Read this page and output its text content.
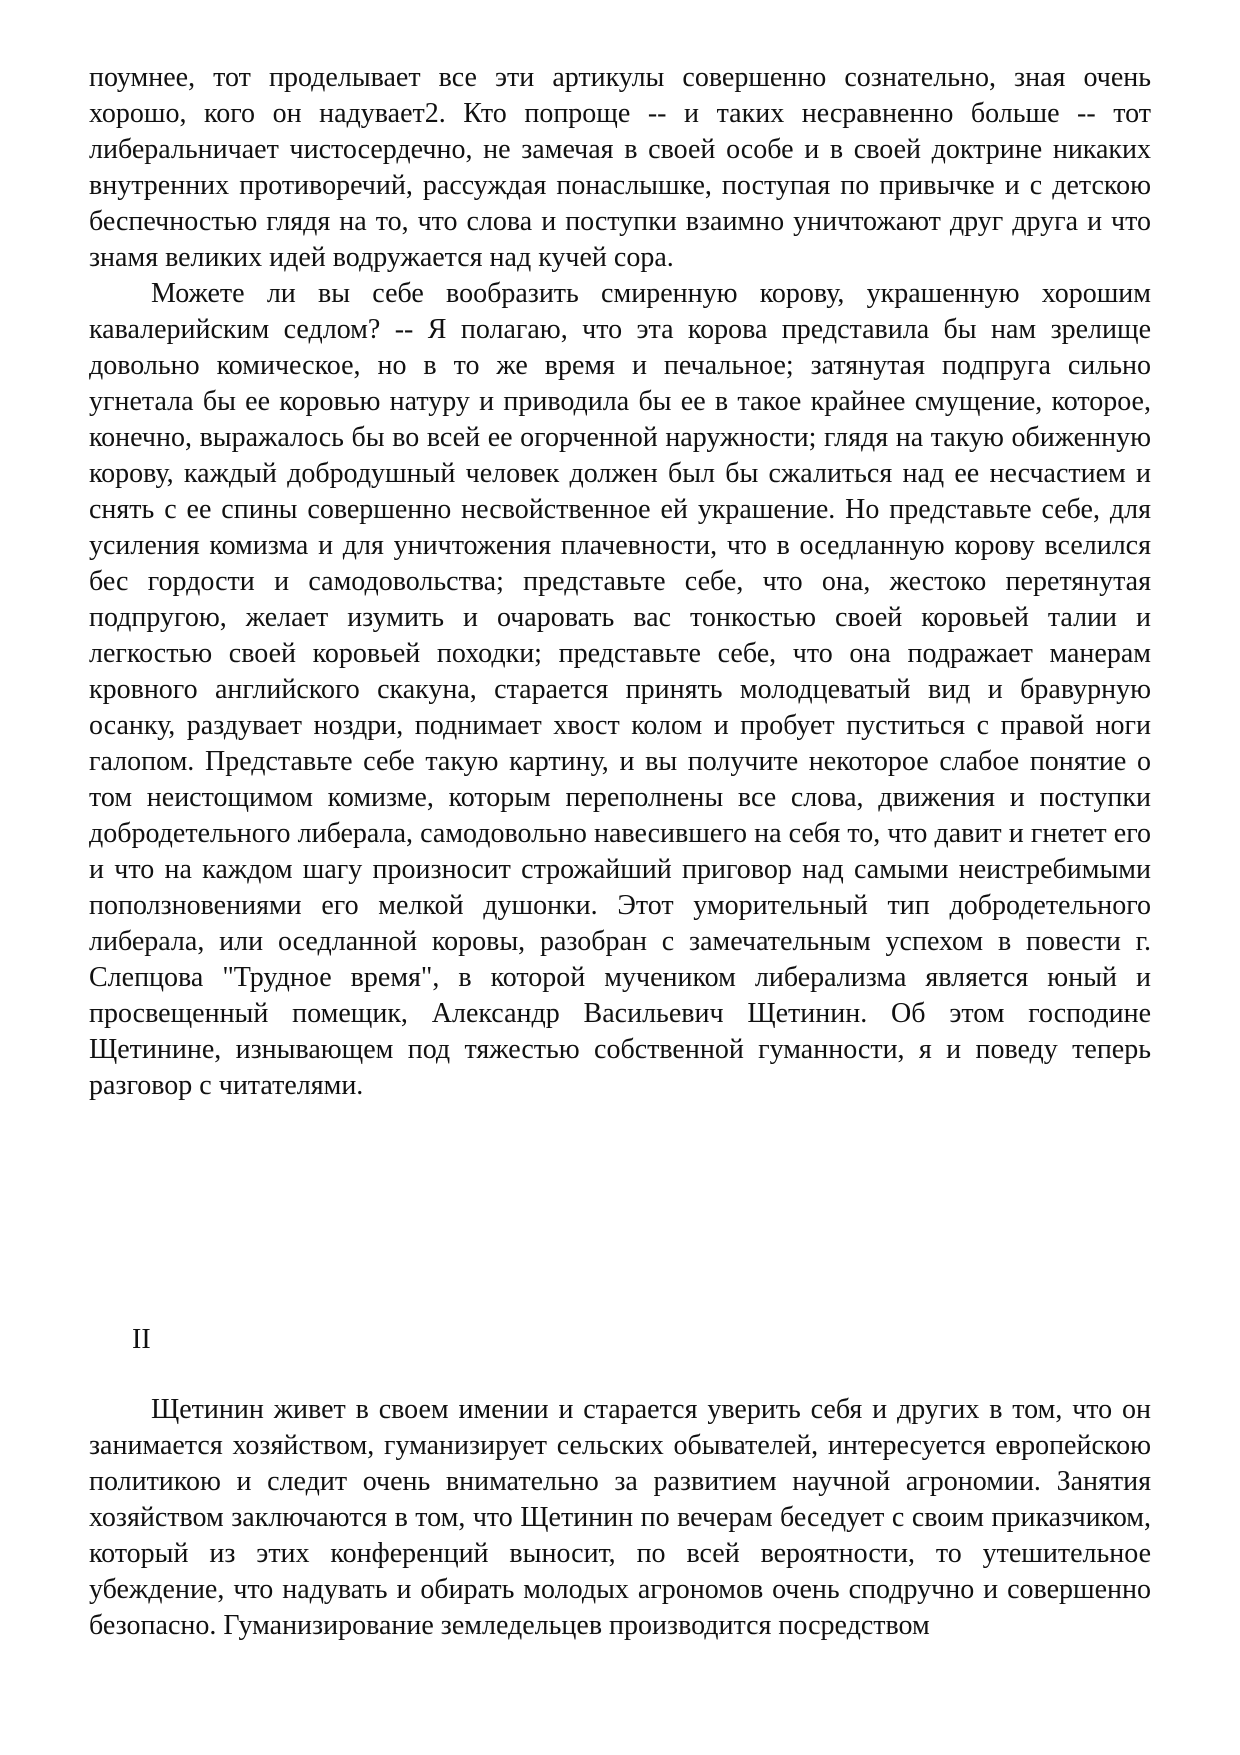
поумнее, тот проделывает все эти артикулы совершенно сознательно, зная очень хорошо, кого он надувает2. Кто попроще -- и таких несравненно больше -- тот либеральничает чистосердечно, не замечая в своей особе и в своей доктрине никаких внутренних противоречий, рассуждая понаслышке, поступая по привычке и с детскою беспечностью глядя на то, что слова и поступки взаимно уничтожают друг друга и что знамя великих идей водружается над кучей сора.

Можете ли вы себе вообразить смиренную корову, украшенную хорошим кавалерийским седлом? -- Я полагаю, что эта корова представила бы нам зрелище довольно комическое, но в то же время и печальное; затянутая подпруга сильно угнетала бы ее коровью натуру и приводила бы ее в такое крайнее смущение, которое, конечно, выражалось бы во всей ее огорченной наружности; глядя на такую обиженную корову, каждый добродушный человек должен был бы сжалиться над ее несчастием и снять с ее спины совершенно несвойственное ей украшение. Но представьте себе, для усиления комизма и для уничтожения плачевности, что в оседланную корову вселился бес гордости и самодовольства; представьте себе, что она, жестоко перетянутая подпругою, желает изумить и очаровать вас тонкостью своей коровьей талии и легкостью своей коровьей походки; представьте себе, что она подражает манерам кровного английского скакуна, старается принять молодцеватый вид и бравурную осанку, раздувает ноздри, поднимает хвост колом и пробует пуститься с правой ноги галопом. Представьте себе такую картину, и вы получите некоторое слабое понятие о том неистощимом комизме, которым переполнены все слова, движения и поступки добродетельного либерала, самодовольно навесившего на себя то, что давит и гнетет его и что на каждом шагу произносит строжайший приговор над самыми неистребимыми поползновениями его мелкой душонки. Этот уморительный тип добродетельного либерала, или оседланной коровы, разобран с замечательным успехом в повести г. Слепцова "Трудное время", в которой мучеником либерализма является юный и просвещенный помещик, Александр Васильевич Щетинин. Об этом господине Щетинине, изнывающем под тяжестью собственной гуманности, я и поведу теперь разговор с читателями.

II

Щетинин живет в своем имении и старается уверить себя и других в том, что он занимается хозяйством, гуманизирует сельских обывателей, интересуется европейскою политикою и следит очень внимательно за развитием научной агрономии. Занятия хозяйством заключаются в том, что Щетинин по вечерам беседует с своим приказчиком, который из этих конференций выносит, по всей вероятности, то утешительное убеждение, что надувать и обирать молодых агрономов очень сподручно и совершенно безопасно. Гуманизирование земледельцев производится посредством
